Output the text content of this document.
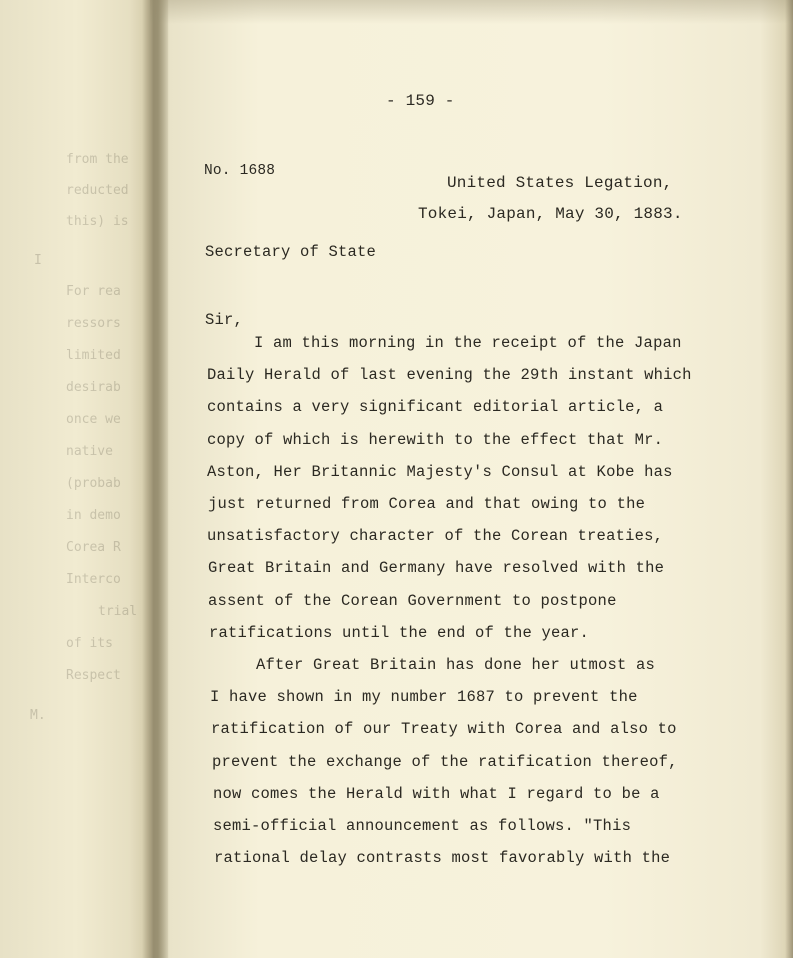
from the
reducted
this) is
I
For rea
ressors
limited
desirab
once we
native
(probab
in demo
Corea R
Interco
trial
of its
Respect
M.
- 159 -
No. 1688
United States Legation,
Tokei, Japan, May 30, 1883.
Secretary of State
Sir,
I am this morning in the receipt of the Japan
Daily Herald of last evening the 29th instant which
contains a very significant editorial article, a
copy of which is herewith to the effect that Mr.
Aston, Her Britannic Majesty's Consul at Kobe has
just returned from Corea and that owing to the
unsatisfactory character of the Corean treaties,
Great Britain and Germany have resolved with the
assent of the Corean Government to postpone
ratifications until the end of the year.
After Great Britain has done her utmost as
I have shown in my number 1687 to prevent the
ratification of our Treaty with Corea and also to
prevent the exchange of the ratification thereof,
now comes the Herald with what I regard to be a
semi-official announcement as follows. "This
rational delay contrasts most favorably with the
